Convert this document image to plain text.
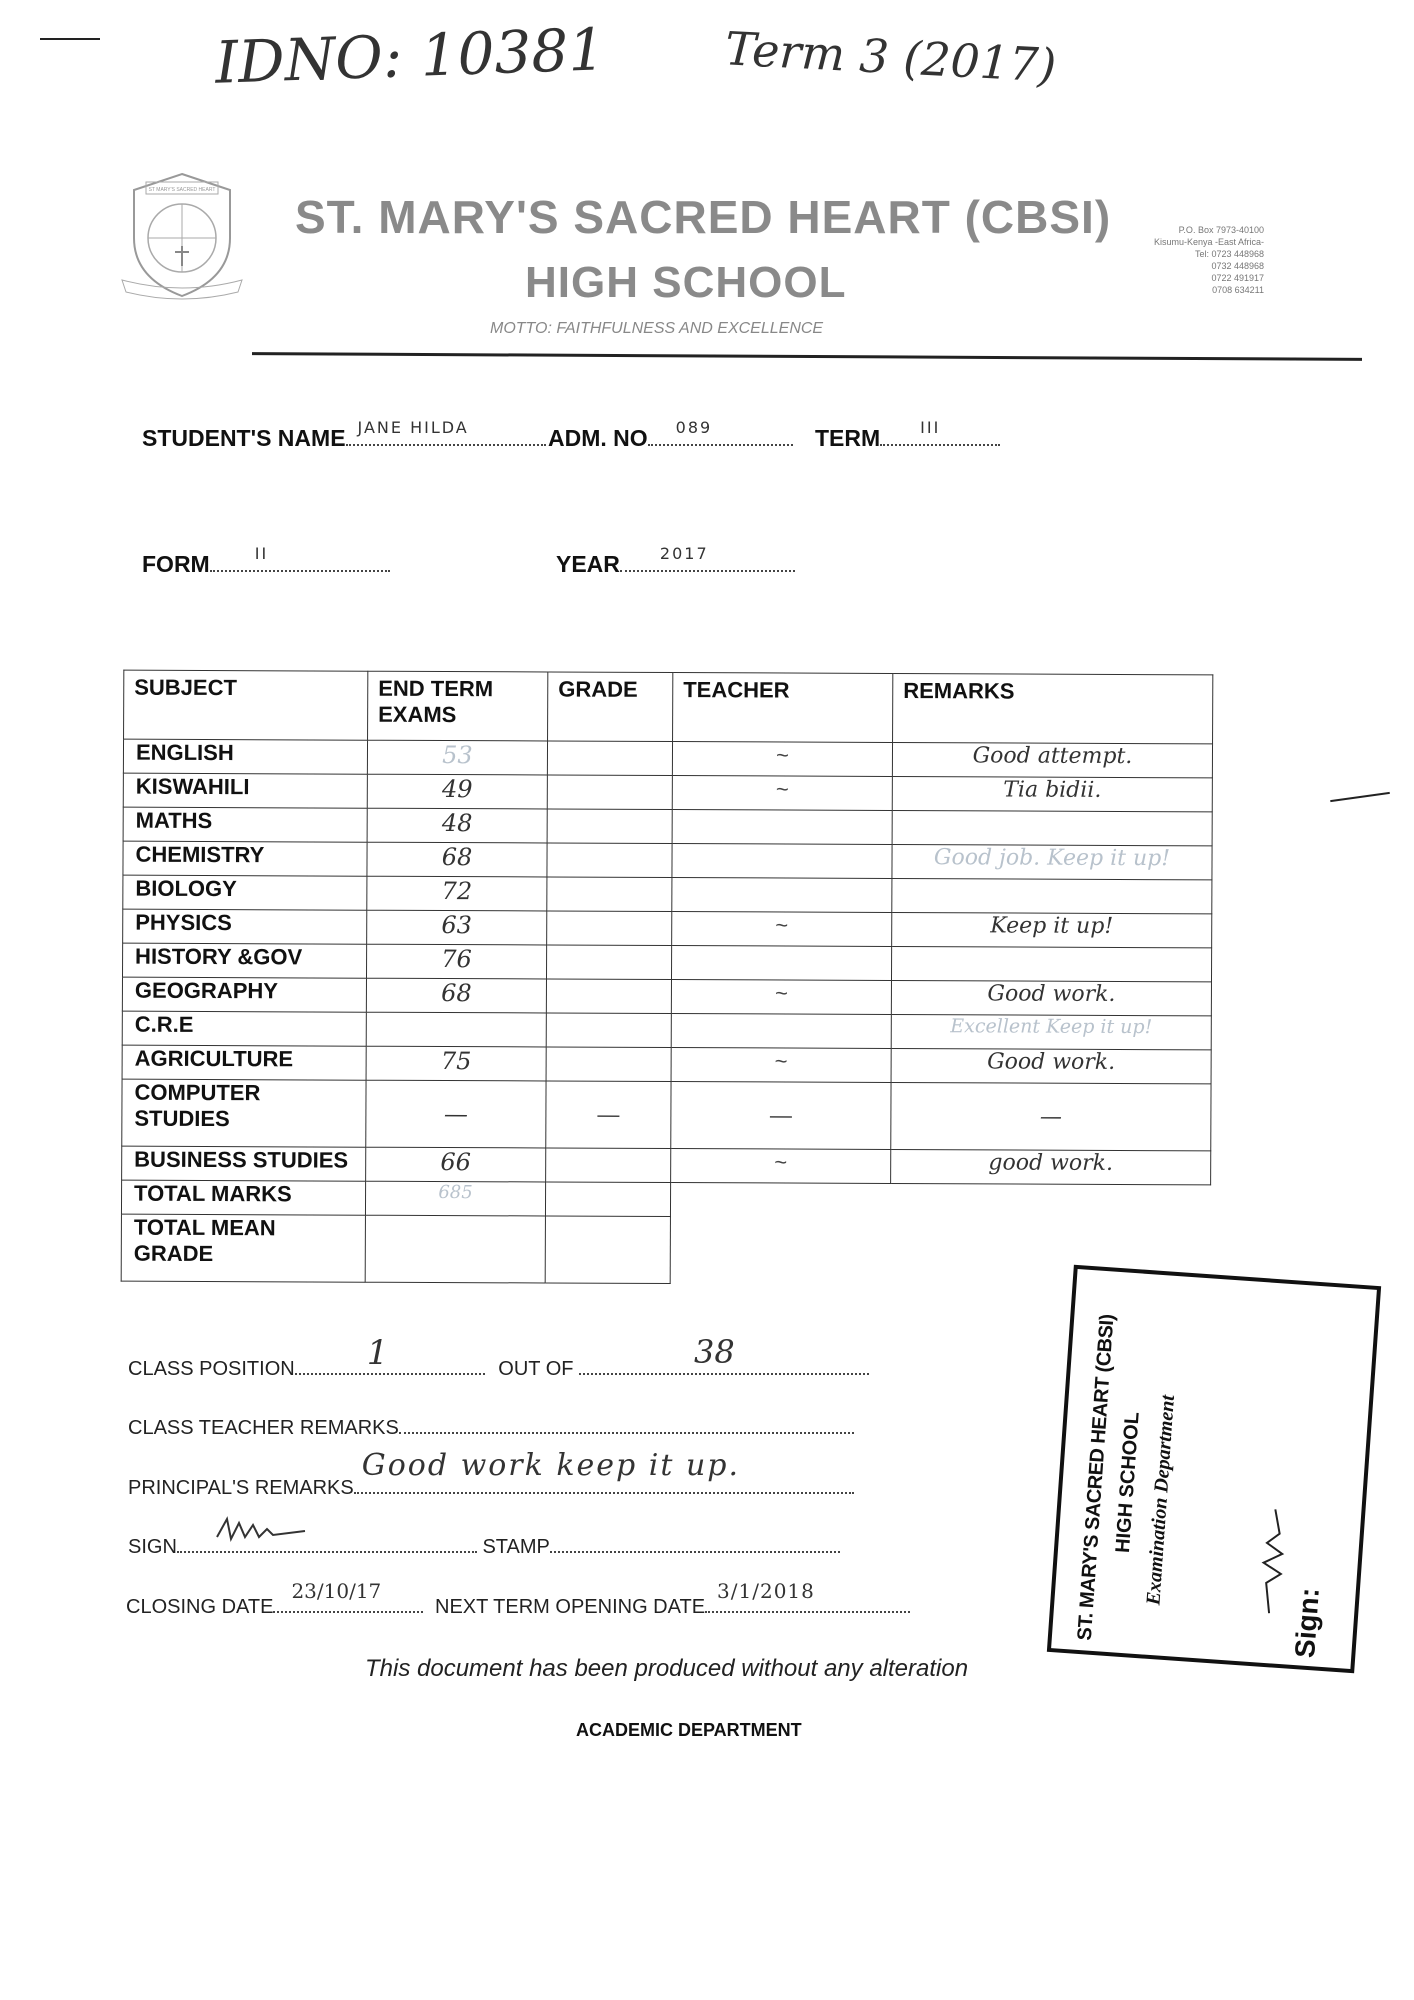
IDNO: 10381	Term 3 (2017)
ST MARY'S SACRED HEART
ST. MARY'S SACRED HEART (CBSI)
HIGH SCHOOL
MOTTO: FAITHFULNESS AND EXCELLENCE
P.O. Box 7973-40100
Kisumu-Kenya -East Africa-
Tel: 0723 448968
0732 448968
0722 491917
0708 634211
STUDENT'S NAME JANE HILDA	ADM. NO 089	TERM	III
FORM	II	YEAR	2017
SUBJECT	END TERM EXAMS	GRADE	TEACHER	REMARKS
ENGLISH	53		~	Good attempt.
KISWAHILI	49		~	Tia bidii.
MATHS	48			
CHEMISTRY	68			Good job. Keep it up!
BIOLOGY	72			
PHYSICS	63		~	Keep it up!
HISTORY &GOV	76			
GEOGRAPHY	68		~	Good work.
C.R.E				Excellent Keep it up!
AGRICULTURE	75		~	Good work.
COMPUTER STUDIES	—	—	—	—
BUSINESS STUDIES	66		~	good work.
TOTAL MARKS	685			
TOTAL MEAN GRADE				
CLASS POSITION 1	OUT OF	38
CLASS TEACHER REMARKS
PRINCIPAL'S REMARKS
Good work keep it up.
SIGN	STAMP
CLOSING DATE
23/10/17
NEXT TERM OPENING DATE
3/1/2018
This document has been produced without any alteration
ACADEMIC DEPARTMENT
ST. MARY'S SACRED HEART (CBSI)
HIGH SCHOOL
Examination Department
Sign:
